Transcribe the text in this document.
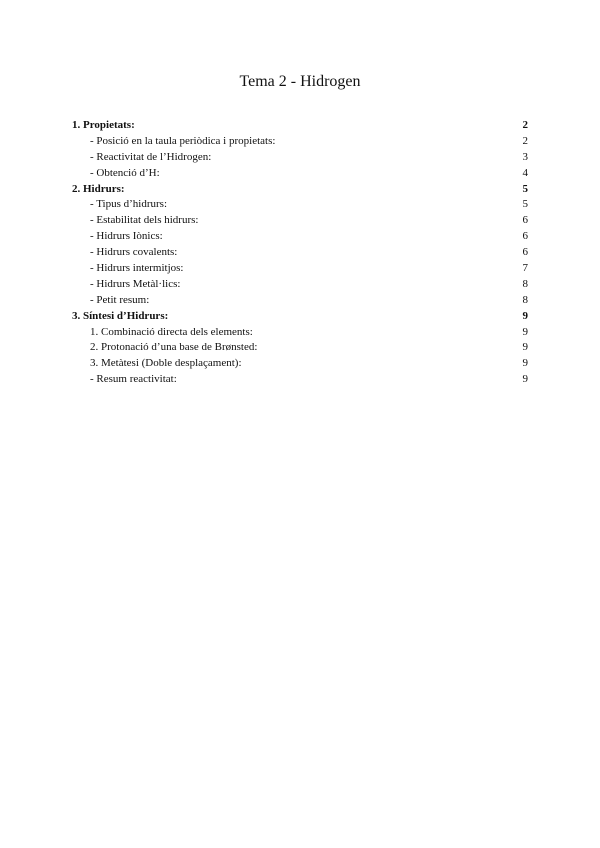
Tema 2 - Hidrogen
1. Propietats:	2
- Posició en la taula periòdica i propietats:	2
- Reactivitat de l’Hidrogen:	3
- Obtenció d’H:	4
2. Hidrurs:	5
- Tipus d’hidrurs:	5
- Estabilitat dels hidrurs:	6
- Hidrurs Iònics:	6
- Hidrurs covalents:	6
- Hidrurs intermitjos:	7
- Hidrurs Metàl·lics:	8
- Petit resum:	8
3. Síntesi d’Hidrurs:	9
1. Combinació directa dels elements:	9
2. Protonació d’una base de Brønsted:	9
3. Metàtesi (Doble desplaçament):	9
- Resum reactivitat:	9
